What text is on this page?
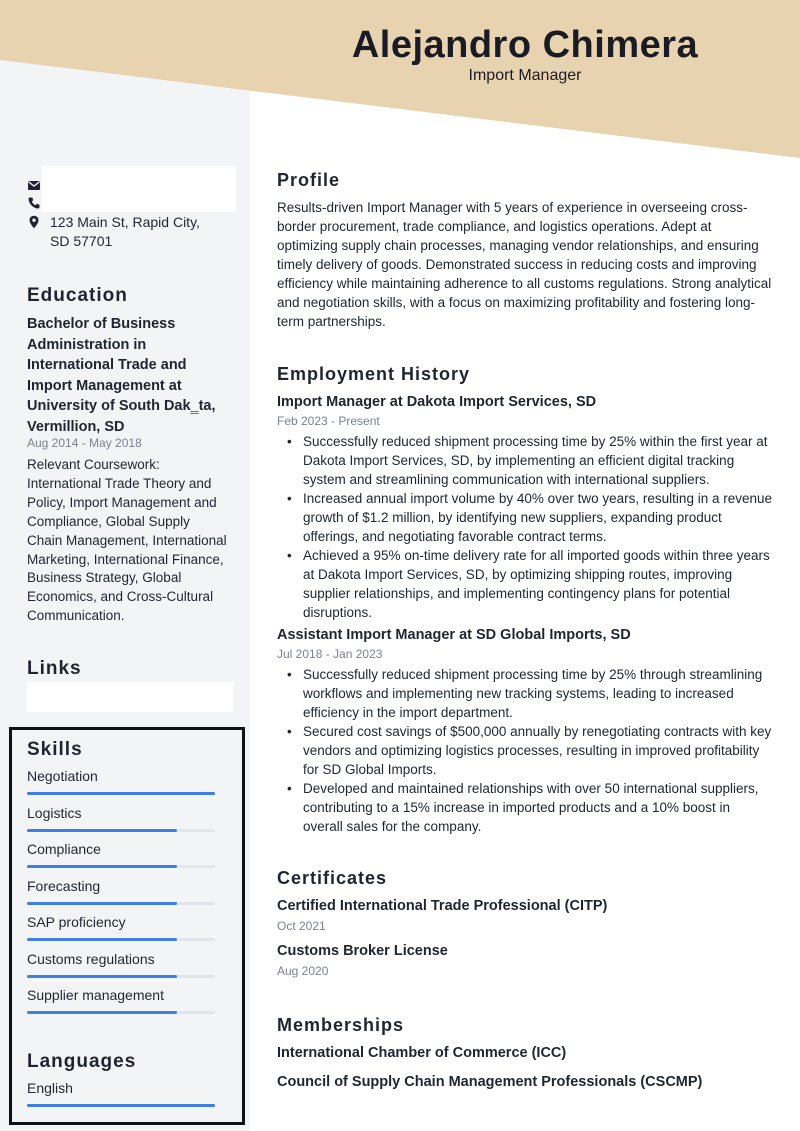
Alejandro Chimera
Import Manager
123 Main St, Rapid City, SD 57701
Education
Bachelor of Business Administration in International Trade and Import Management at University of South Dak‗ta, Vermillion, SD
Aug 2014 - May 2018
Relevant Coursework: International Trade Theory and Policy, Import Management and Compliance, Global Supply Chain Management, International Marketing, International Finance, Business Strategy, Global Economics, and Cross-Cultural Communication.
Links
Skills
Negotiation
Logistics
Compliance
Forecasting
SAP proficiency
Customs regulations
Supplier management
Languages
English
Profile
Results-driven Import Manager with 5 years of experience in overseeing cross-border procurement, trade compliance, and logistics operations. Adept at optimizing supply chain processes, managing vendor relationships, and ensuring timely delivery of goods. Demonstrated success in reducing costs and improving efficiency while maintaining adherence to all customs regulations. Strong analytical and negotiation skills, with a focus on maximizing profitability and fostering long-term partnerships.
Employment History
Import Manager at Dakota Import Services, SD
Feb 2023 - Present
• Successfully reduced shipment processing time by 25% within the first year at Dakota Import Services, SD, by implementing an efficient digital tracking system and streamlining communication with international suppliers.
• Increased annual import volume by 40% over two years, resulting in a revenue growth of $1.2 million, by identifying new suppliers, expanding product offerings, and negotiating favorable contract terms.
• Achieved a 95% on-time delivery rate for all imported goods within three years at Dakota Import Services, SD, by optimizing shipping routes, improving supplier relationships, and implementing contingency plans for potential disruptions.
Assistant Import Manager at SD Global Imports, SD
Jul 2018 - Jan 2023
• Successfully reduced shipment processing time by 25% through streamlining workflows and implementing new tracking systems, leading to increased efficiency in the import department.
• Secured cost savings of $500,000 annually by renegotiating contracts with key vendors and optimizing logistics processes, resulting in improved profitability for SD Global Imports.
• Developed and maintained relationships with over 50 international suppliers, contributing to a 15% increase in imported products and a 10% boost in overall sales for the company.
Certificates
Certified International Trade Professional (CITP)
Oct 2021
Customs Broker License
Aug 2020
Memberships
International Chamber of Commerce (ICC)
Council of Supply Chain Management Professionals (CSCMP)
